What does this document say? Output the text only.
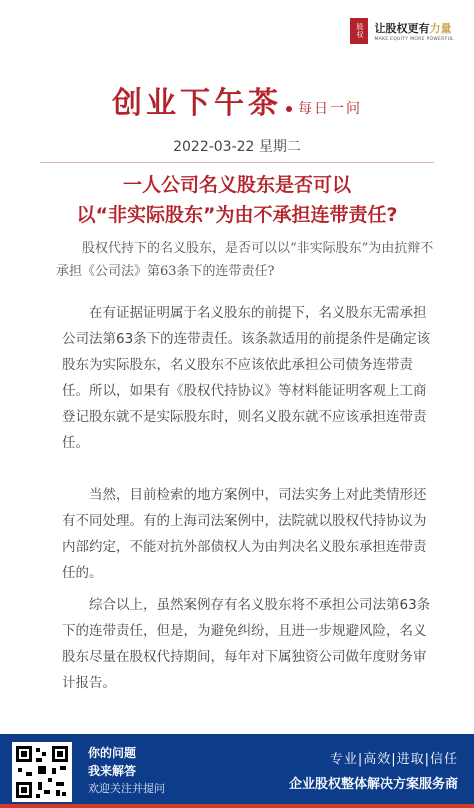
股权 让股权更有力量
MAKE EQUITY MORE POWERFUL
创业下午茶 每日一问
2022-03-22 星期二
一人公司名义股东是否可以
以“非实际股东”为由不承担连带责任?
股权代持下的名义股东，是否可以以“非实际股东”为由抗辩不承担《公司法》第63条下的连带责任?
在有证据证明属于名义股东的前提下，名义股东无需承担公司法第63条下的连带责任。该条款适用的前提条件是确定该股东为实际股东，名义股东不应该依此承担公司债务连带责任。所以，如果有《股权代持协议》等材料能证明客观上工商登记股东就不是实际股东时，则名义股东就不应该承担连带责任。
当然，目前检索的地方案例中，司法实务上对此类情形还有不同处理。有的上海司法案例中，法院就以股权代持协议为内部约定，不能对抗外部债权人为由判决名义股东承担连带责任的。
综合以上，虽然案例存有名义股东将不承担公司法第63条下的连带责任，但是，为避免纠纷，且进一步规避风险，名义股东尽量在股权代持期间，每年对下属独资公司做年度财务审计报告。
你的问题
我来解答
欢迎关注并提问
专业|高效|进取|信任
企业股权整体解决方案服务商
